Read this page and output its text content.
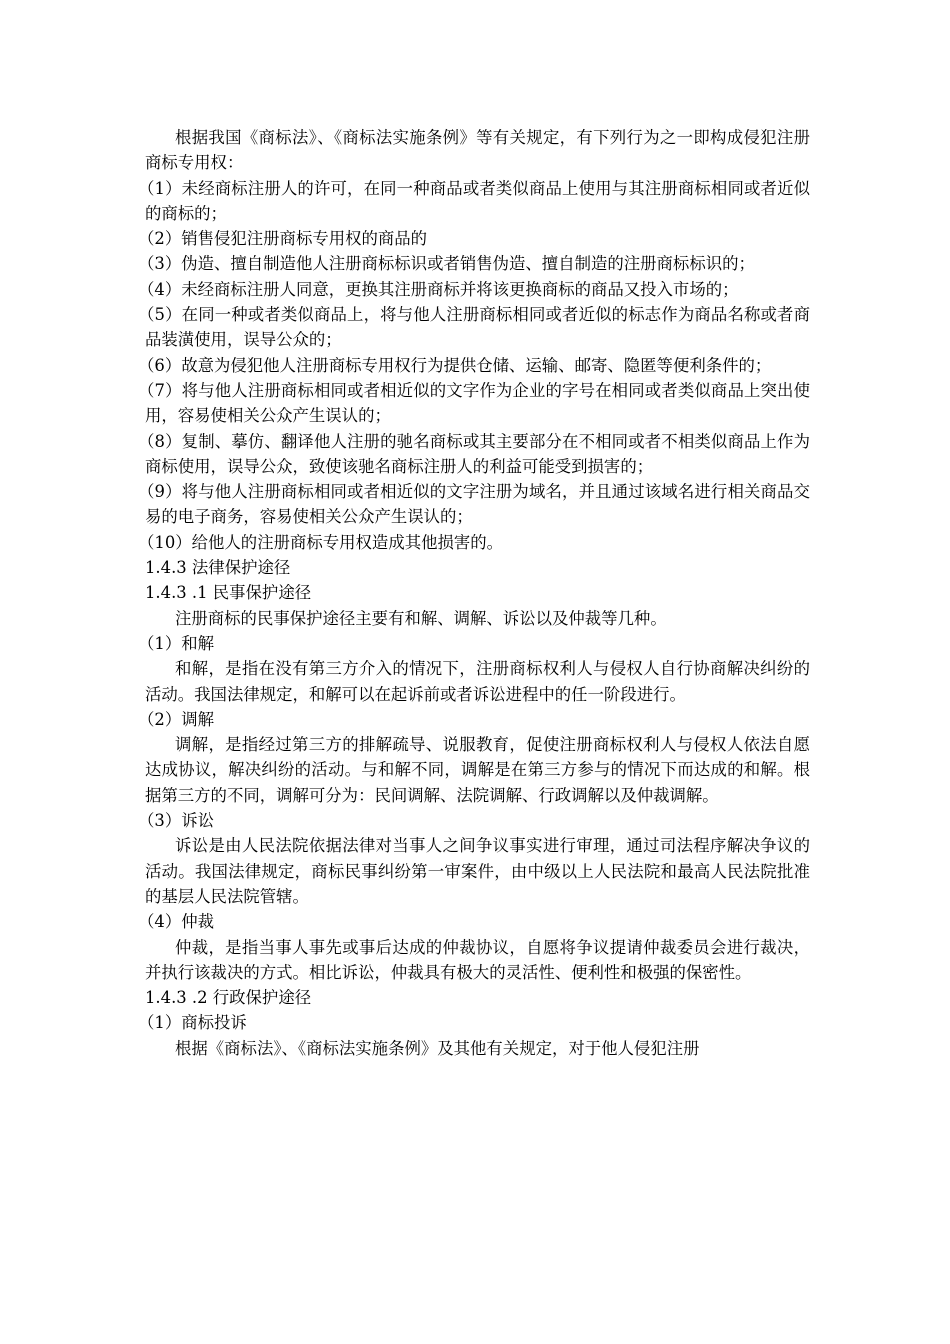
根据我国《商标法》、《商标法实施条例》等有关规定，有下列行为之一即构成侵犯注册商标专用权：

（1）未经商标注册人的许可，在同一种商品或者类似商品上使用与其注册商标相同或者近似的商标的；

（2）销售侵犯注册商标专用权的商品的

（3）伪造、擅自制造他人注册商标标识或者销售伪造、擅自制造的注册商标标识的；

（4）未经商标注册人同意，更换其注册商标并将该更换商标的商品又投入市场的；

（5）在同一种或者类似商品上，将与他人注册商标相同或者近似的标志作为商品名称或者商品装潢使用，误导公众的；

（6）故意为侵犯他人注册商标专用权行为提供仓储、运输、邮寄、隐匿等便利条件的；

（7）将与他人注册商标相同或者相近似的文字作为企业的字号在相同或者类似商品上突出使用，容易使相关公众产生误认的；

（8）复制、摹仿、翻译他人注册的驰名商标或其主要部分在不相同或者不相类似商品上作为商标使用，误导公众，致使该驰名商标注册人的利益可能受到损害的；

（9）将与他人注册商标相同或者相近似的文字注册为域名，并且通过该域名进行相关商品交易的电子商务，容易使相关公众产生误认的；

（10）给他人的注册商标专用权造成其他损害的。

1.4.3 法律保护途径

1.4.3 .1 民事保护途径

注册商标的民事保护途径主要有和解、调解、诉讼以及仲裁等几种。

（1）和解

和解，是指在没有第三方介入的情况下，注册商标权利人与侵权人自行协商解决纠纷的活动。我国法律规定，和解可以在起诉前或者诉讼进程中的任一阶段进行。

（2）调解

调解，是指经过第三方的排解疏导、说服教育，促使注册商标权利人与侵权人依法自愿达成协议，解决纠纷的活动。与和解不同，调解是在第三方参与的情况下而达成的和解。根据第三方的不同，调解可分为：民间调解、法院调解、行政调解以及仲裁调解。

（3）诉讼

诉讼是由人民法院依据法律对当事人之间争议事实进行审理，通过司法程序解决争议的活动。我国法律规定，商标民事纠纷第一审案件，由中级以上人民法院和最高人民法院批准的基层人民法院管辖。

（4）仲裁

仲裁，是指当事人事先或事后达成的仲裁协议，自愿将争议提请仲裁委员会进行裁决，并执行该裁决的方式。相比诉讼，仲裁具有极大的灵活性、便利性和极强的保密性。

1.4.3 .2 行政保护途径

（1）商标投诉

根据《商标法》、《商标法实施条例》及其他有关规定，对于他人侵犯注册
